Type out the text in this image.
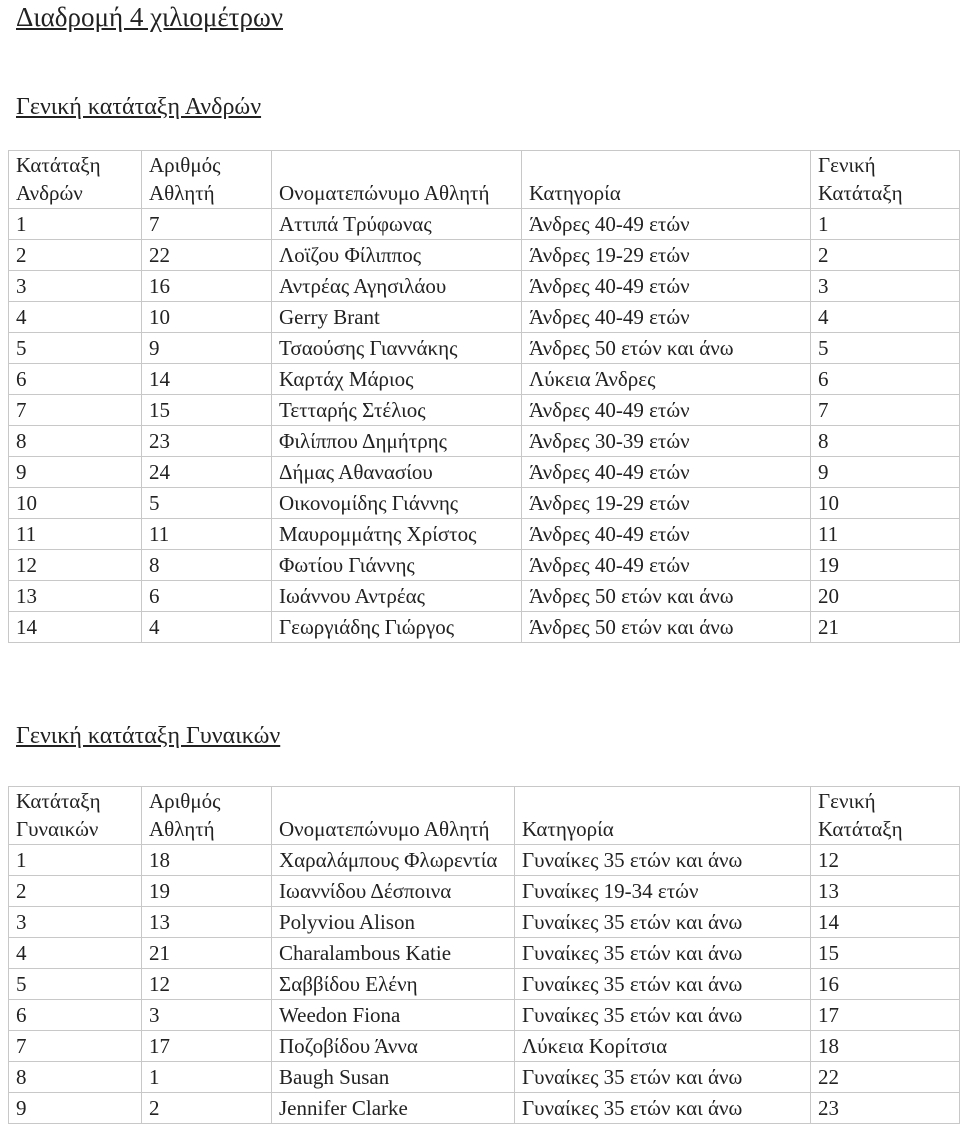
Διαδρομή 4 χιλιομέτρων
Γενική κατάταξη Ανδρών
Κατάταξη Ανδρών	Αριθμός Αθλητή	Ονοματεπώνυμο Αθλητή	Κατηγορία	Γενική Κατάταξη
1	7	Αττιπά Τρύφωνας	Άνδρες 40-49 ετών	1
2	22	Λοϊζου Φίλιππος	Άνδρες 19-29 ετών	2
3	16	Αντρέας Αγησιλάου	Άνδρες 40-49 ετών	3
4	10	Gerry Brant	Άνδρες 40-49 ετών	4
5	9	Τσαούσης Γιαννάκης	Άνδρες 50 ετών και άνω	5
6	14	Καρτάχ Μάριος	Λύκεια Άνδρες	6
7	15	Τετταρής Στέλιος	Άνδρες 40-49 ετών	7
8	23	Φιλίππου Δημήτρης	Άνδρες 30-39 ετών	8
9	24	Δήμας Αθανασίου	Άνδρες 40-49 ετών	9
10	5	Οικονομίδης Γιάννης	Άνδρες 19-29 ετών	10
11	11	Μαυρομμάτης Χρίστος	Άνδρες 40-49 ετών	11
12	8	Φωτίου Γιάννης	Άνδρες 40-49 ετών	19
13	6	Ιωάννου Αντρέας	Άνδρες 50 ετών και άνω	20
14	4	Γεωργιάδης Γιώργος	Άνδρες 50 ετών και άνω	21
Γενική κατάταξη Γυναικών
Κατάταξη Γυναικών	Αριθμός Αθλητή	Ονοματεπώνυμο Αθλητή	Κατηγορία	Γενική Κατάταξη
1	18	Χαραλάμπους Φλωρεντία	Γυναίκες 35 ετών και άνω	12
2	19	Ιωαννίδου Δέσποινα	Γυναίκες 19-34 ετών	13
3	13	Polyviou Alison	Γυναίκες 35 ετών και άνω	14
4	21	Charalambous Katie	Γυναίκες 35 ετών και άνω	15
5	12	Σαββίδου Ελένη	Γυναίκες 35 ετών και άνω	16
6	3	Weedon Fiona	Γυναίκες 35 ετών και άνω	17
7	17	Ποζοβίδου Άννα	Λύκεια Κορίτσια	18
8	1	Baugh Susan	Γυναίκες 35 ετών και άνω	22
9	2	Jennifer Clarke	Γυναίκες 35 ετών και άνω	23
